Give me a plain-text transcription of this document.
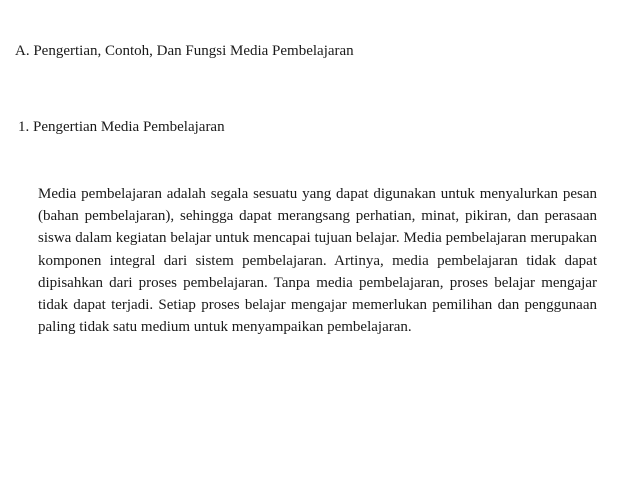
A. Pengertian, Contoh, Dan Fungsi Media Pembelajaran
1. Pengertian Media Pembelajaran

Media pembelajaran adalah segala sesuatu yang dapat digunakan untuk menyalurkan pesan (bahan pembelajaran), sehingga dapat merangsang perhatian, minat, pikiran, dan perasaan siswa dalam kegiatan belajar untuk mencapai tujuan belajar. Media pembelajaran merupakan komponen integral dari sistem pembelajaran. Artinya, media pembelajaran tidak dapat dipisahkan dari proses pembelajaran. Tanpa media pembelajaran, proses belajar mengajar tidak dapat terjadi. Setiap proses belajar mengajar memerlukan pemilihan dan penggunaan paling tidak satu medium untuk menyampaikan pembelajaran.
